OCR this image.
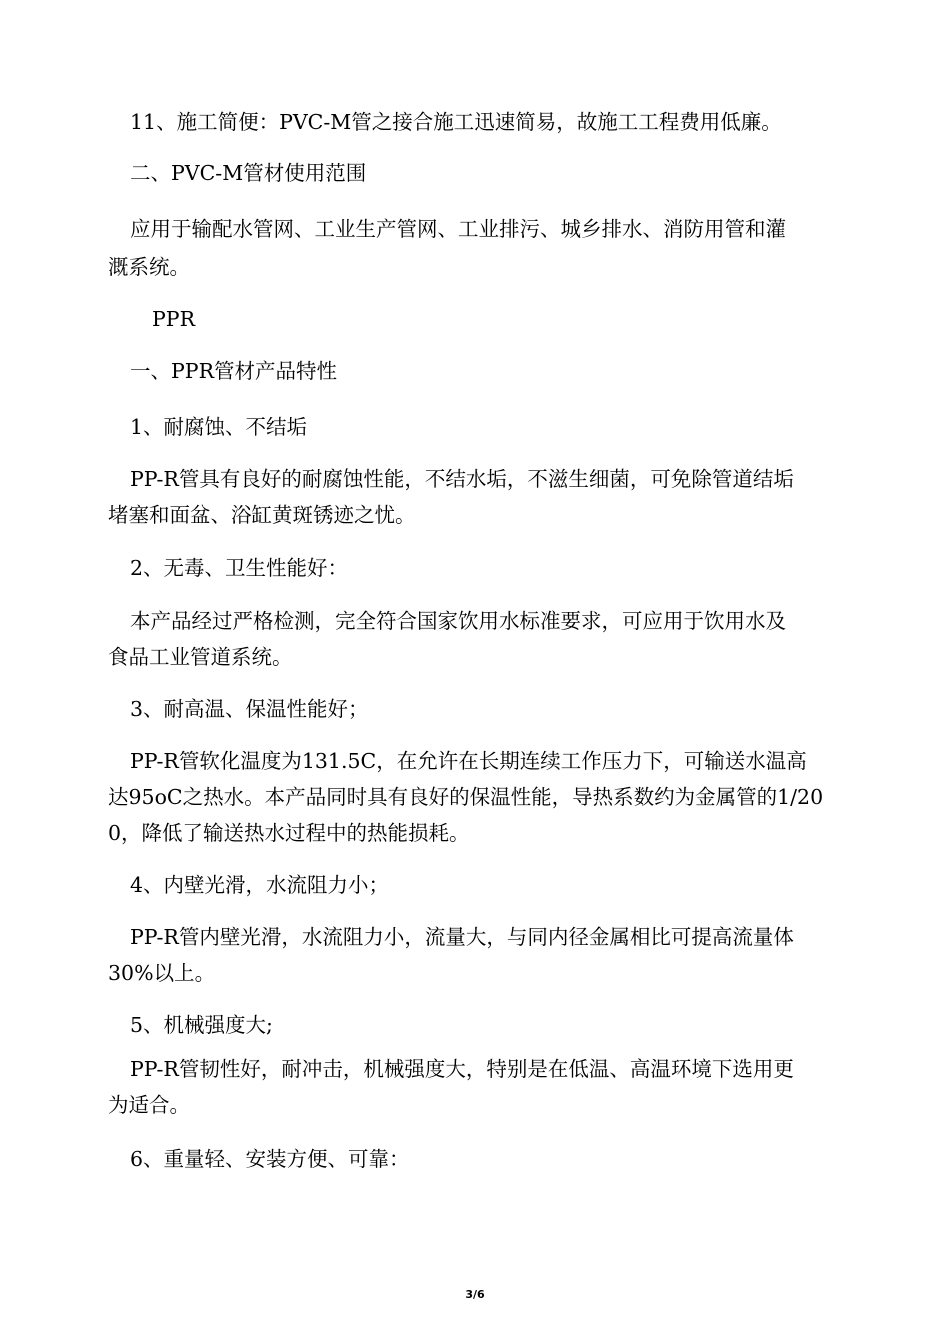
11、施工简便：PVC-M管之接合施工迅速简易，故施工工程费用低廉。
二、PVC-M管材使用范围
应用于输配水管网、工业生产管网、工业排污、城乡排水、消防用管和灌
溉系统。
PPR
一、PPR管材产品特性
1、耐腐蚀、不结垢
PP-R管具有良好的耐腐蚀性能，不结水垢，不滋生细菌，可免除管道结垢
堵塞和面盆、浴缸黄斑锈迹之忧。
2、无毒、卫生性能好：
本产品经过严格检测，完全符合国家饮用水标准要求，可应用于饮用水及
食品工业管道系统。
3、耐高温、保温性能好；
PP-R管软化温度为131.5C，在允许在长期连续工作压力下，可输送水温高
达95oC之热水。本产品同时具有良好的保温性能，导热系数约为金属管的1/20
0，降低了输送热水过程中的热能损耗。
4、内壁光滑，水流阻力小；
PP-R管内壁光滑，水流阻力小，流量大，与同内径金属相比可提高流量体
30%以上。
5、机械强度大;
PP-R管韧性好，耐冲击，机械强度大，特别是在低温、高温环境下选用更
为适合。
6、重量轻、安装方便、可靠：
3/6
